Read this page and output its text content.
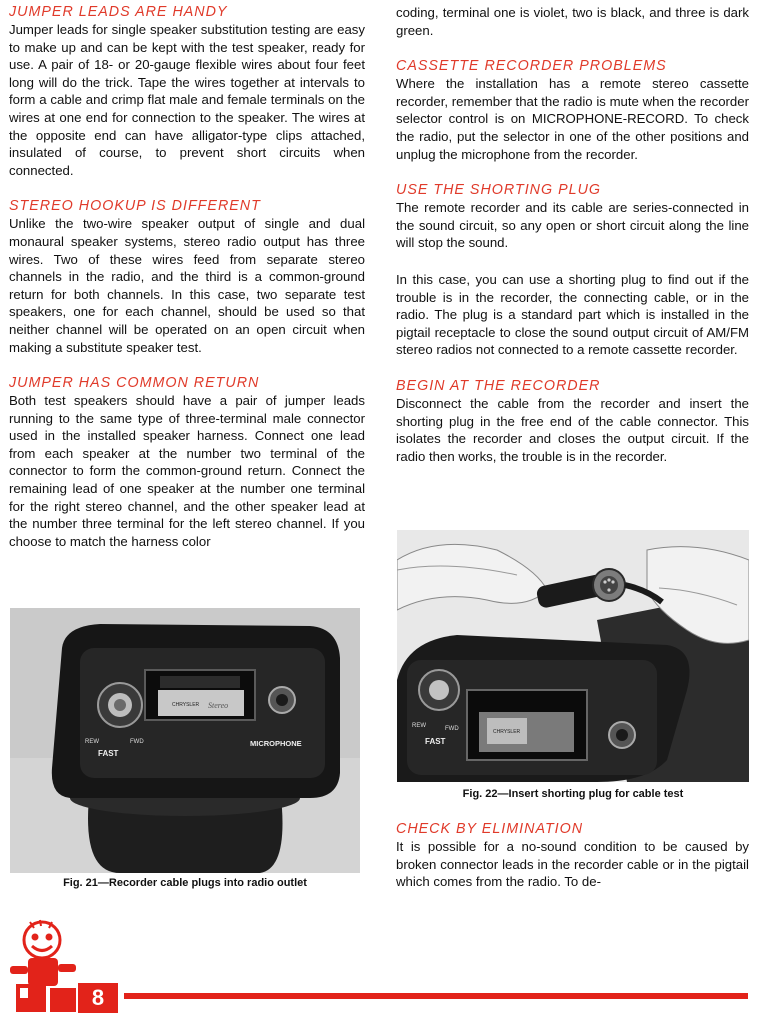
JUMPER LEADS ARE HANDY

Jumper leads for single speaker substitution testing are easy to make up and can be kept with the test speaker, ready for use. A pair of 18- or 20-gauge flexible wires about four feet long will do the trick. Tape the wires together at intervals to form a cable and crimp flat male and female terminals on the wires at one end for connection to the speaker. The wires at the opposite end can have alligator-type clips attached, insulated of course, to prevent short circuits when connected.

STEREO HOOKUP IS DIFFERENT

Unlike the two-wire speaker output of single and dual monaural speaker systems, stereo radio output has three wires. Two of these wires feed from separate stereo channels in the radio, and the third is a common-ground return for both channels. In this case, two separate test speakers, one for each channel, should be used so that neither channel will be operated on an open circuit when making a substitute speaker test.

JUMPER HAS COMMON RETURN

Both test speakers should have a pair of jumper leads running to the same type of three-terminal male connector used in the installed speaker harness. Connect one lead from each speaker at the number two terminal of the connector to form the common-ground return. Connect the remaining lead of one speaker at the number one terminal for the right stereo channel, and the other speaker lead at the number three terminal for the left stereo channel. If you choose to match the harness color

coding, terminal one is violet, two is black, and three is dark green.

CASSETTE RECORDER PROBLEMS

Where the installation has a remote stereo cassette recorder, remember that the radio is mute when the recorder selector control is on MICROPHONE-RECORD. To check the radio, put the selector in one of the other positions and unplug the microphone from the recorder.

USE THE SHORTING PLUG

The remote recorder and its cable are series-connected in the sound circuit, so any open or short circuit along the line will stop the sound.

In this case, you can use a shorting plug to find out if the trouble is in the recorder, the connecting cable, or in the radio. The plug is a standard part which is installed in the pigtail receptacle to close the sound output circuit of AM/FM stereo radios not connected to a remote cassette recorder.

BEGIN AT THE RECORDER

Disconnect the cable from the recorder and insert the shorting plug in the free end of the cable connector. This isolates the recorder and closes the output circuit. If the radio then works, the trouble is in the recorder.

CHECK BY ELIMINATION

It is possible for a no-sound condition to be caused by broken connector leads in the recorder cable or in the pigtail which comes from the radio. To de-

CHRYSLER Stereo
REW	FWD
FAST
MICROPHONE
Fig. 21—Recorder cable plugs into radio outlet
CHRYSLER
REW	FWD
FAST
Fig. 22—Insert shorting plug for cable test
8
